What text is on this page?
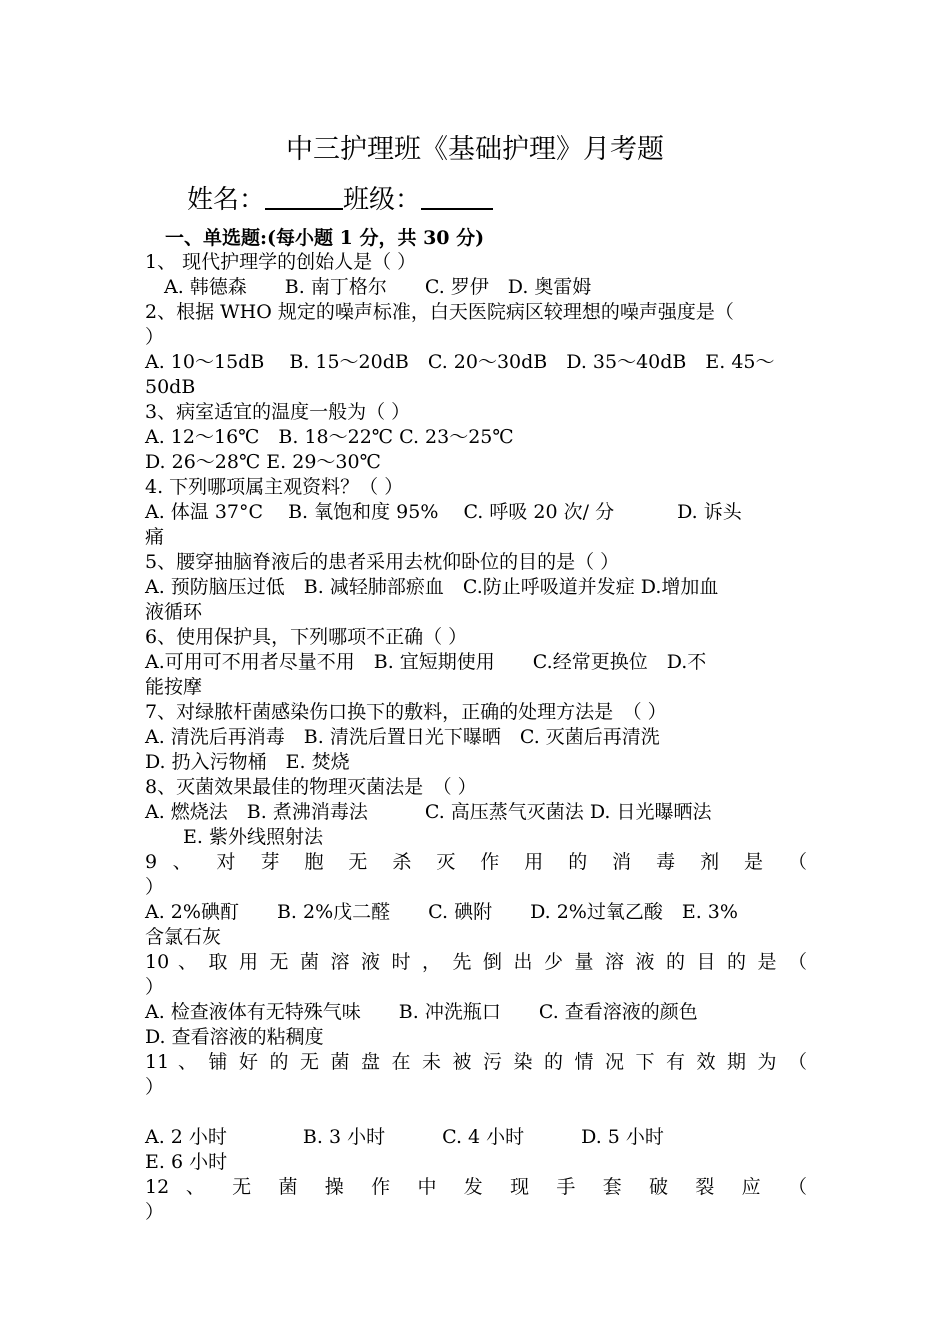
中三护理班《基础护理》月考题
姓名：	班级：
一、单选题:(每小题 1 分，共 30 分)
1、 现代护理学的创始人是（ ）
　A. 韩德森　　B. 南丁格尔　　C. 罗伊　D. 奥雷姆
2、根据 WHO 规定的噪声标准，白天医院病区较理想的噪声强度是（
）
A. 10～15dB　 B. 15～20dB　C. 20～30dB　D. 35～40dB　E. 45～
50dB
3、病室适宜的温度一般为（ ）
A. 12～16℃　B. 18～22℃ C. 23～25℃
D. 26～28℃ E. 29～30℃
4. 下列哪项属主观资料？（ ）
A. 体温 37°C　 B. 氧饱和度 95%　 C. 呼吸 20 次/ 分　　　 D. 诉头
痛
5、腰穿抽脑脊液后的患者采用去枕仰卧位的目的是（ ）
A. 预防脑压过低　B. 减轻肺部瘀血　C.防止呼吸道并发症 D.增加血
液循环
6、使用保护具，下列哪项不正确（ ）
A.可用可不用者尽量不用　B. 宜短期使用　　C.经常更换位　D.不
能按摩
7、对绿脓杆菌感染伤口换下的敷料，正确的处理方法是　（ ）
A. 清洗后再消毒　B. 清洗后置日光下曝晒　C. 灭菌后再清洗
D. 扔入污物桶　E. 焚烧
8、灭菌效果最佳的物理灭菌法是　（ ）
A. 燃烧法　B. 煮沸消毒法　　　C. 高压蒸气灭菌法 D. 日光曝晒法
　　E. 紫外线照射法
9 、 对 芽 胞 无 杀 灭 作 用 的 消 毒 剂 是 （
）
A. 2%碘酊　　B. 2%戊二醛　　C. 碘附　　D. 2%过氧乙酸　E. 3%
含氯石灰
10 、 取 用 无 菌 溶 液 时 ， 先 倒 出 少 量 溶 液 的 目 的 是 （
）
A. 检查液体有无特殊气味　　B. 冲洗瓶口　　C. 查看溶液的颜色
D. 查看溶液的粘稠度
11 、 铺 好 的 无 菌 盘 在 未 被 污 染 的 情 况 下 有 效 期 为 （
）
A. 2 小时　　　　B. 3 小时　　　C. 4 小时　　　D. 5 小时
E. 6 小时
12 、 无 菌 操 作 中 发 现 手 套 破 裂 应 （
）
